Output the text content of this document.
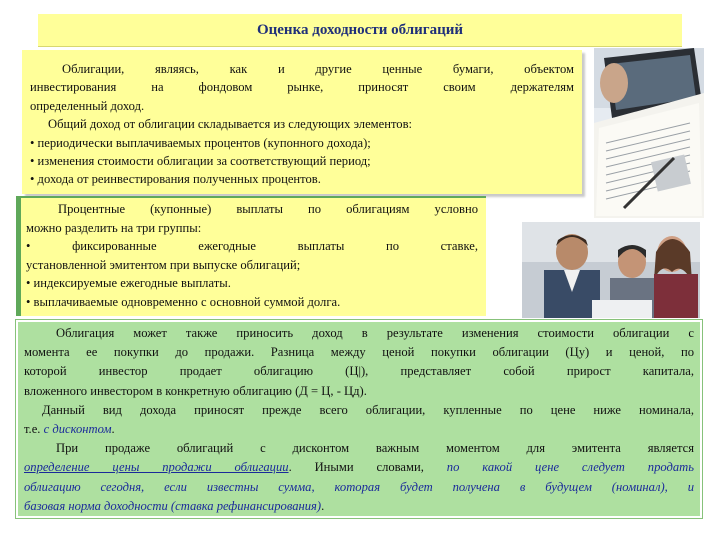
Оценка доходности облигаций

Облигации, являясь, как и другие ценные бумаги, объектом

инвестирования на фондовом рынке, приносят своим держателям

определенный доход.

Общий доход от облигации складывается из следующих элементов:

• периодически выплачиваемых процентов (купонного дохода);

• изменения стоимости облигации за соответствующий период;

• дохода от реинвестирования полученных процентов.

Процентные (купонные) выплаты по облигациям условно

можно разделить на три группы:

• фиксированные ежегодные выплаты по ставке,

установленной эмитентом при выпуске облигаций;

• индексируемые ежегодные выплаты.

• выплачиваемые одновременно с основной суммой долга.

Облигация может также приносить доход в результате изменения стоимости облигации с

момента ее покупки до продажи. Разница между ценой покупки облигации (Цу) и ценой, по

которой инвестор продает облигацию (Ц|), представляет собой прирост капитала,

вложенного инвестором в конкретную облигацию (Д = Ц, - Цд).

Данный вид дохода приносят прежде всего облигации, купленные по цене ниже номинала,

т.е. с дисконтом.

При продаже облигаций с дисконтом важным моментом для эмитента является

определение цены продажи облигации. Иными словами, по какой цене следует продать

облигацию сегодня, если известны сумма, которая будет получена в будущем (номинал), и

базовая норма доходности (ставка рефинансирования).
